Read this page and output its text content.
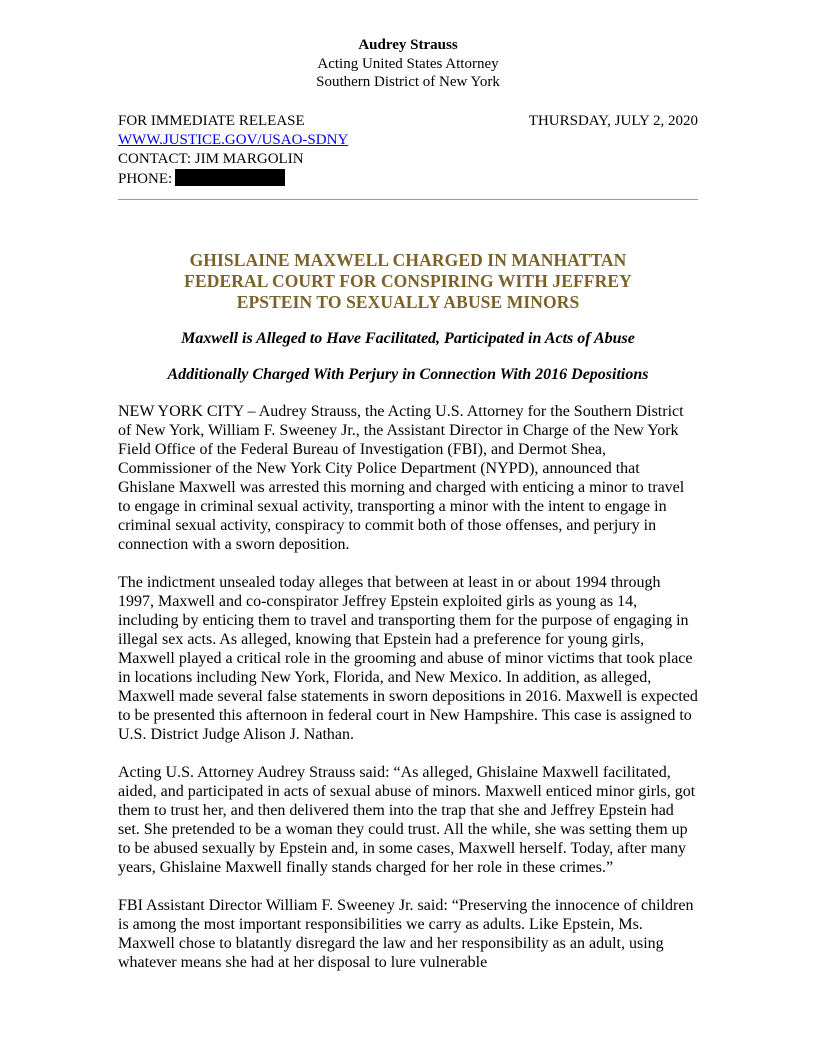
Audrey Strauss
Acting United States Attorney
Southern District of New York
FOR IMMEDIATE RELEASE	THURSDAY, JULY 2, 2020
WWW.JUSTICE.GOV/USAO-SDNY
CONTACT: JIM MARGOLIN
PHONE:
GHISLAINE MAXWELL CHARGED IN MANHATTAN
FEDERAL COURT FOR CONSPIRING WITH JEFFREY
EPSTEIN TO SEXUALLY ABUSE MINORS
Maxwell is Alleged to Have Facilitated, Participated in Acts of Abuse
Additionally Charged With Perjury in Connection With 2016 Depositions

NEW YORK CITY – Audrey Strauss, the Acting U.S. Attorney for the Southern District of New York, William F. Sweeney Jr., the Assistant Director in Charge of the New York Field Office of the Federal Bureau of Investigation (FBI), and Dermot Shea, Commissioner of the New York City Police Department (NYPD), announced that Ghislane Maxwell was arrested this morning and charged with enticing a minor to travel to engage in criminal sexual activity, transporting a minor with the intent to engage in criminal sexual activity, conspiracy to commit both of those offenses, and perjury in connection with a sworn deposition.

The indictment unsealed today alleges that between at least in or about 1994 through 1997, Maxwell and co-conspirator Jeffrey Epstein exploited girls as young as 14, including by enticing them to travel and transporting them for the purpose of engaging in illegal sex acts. As alleged, knowing that Epstein had a preference for young girls, Maxwell played a critical role in the grooming and abuse of minor victims that took place in locations including New York, Florida, and New Mexico. In addition, as alleged, Maxwell made several false statements in sworn depositions in 2016. Maxwell is expected to be presented this afternoon in federal court in New Hampshire. This case is assigned to U.S. District Judge Alison J. Nathan.

Acting U.S. Attorney Audrey Strauss said: “As alleged, Ghislaine Maxwell facilitated, aided, and participated in acts of sexual abuse of minors. Maxwell enticed minor girls, got them to trust her, and then delivered them into the trap that she and Jeffrey Epstein had set. She pretended to be a woman they could trust. All the while, she was setting them up to be abused sexually by Epstein and, in some cases, Maxwell herself. Today, after many years, Ghislaine Maxwell finally stands charged for her role in these crimes.”

FBI Assistant Director William F. Sweeney Jr. said: “Preserving the innocence of children is among the most important responsibilities we carry as adults. Like Epstein, Ms. Maxwell chose to blatantly disregard the law and her responsibility as an adult, using whatever means she had at her disposal to lure vulnerable
